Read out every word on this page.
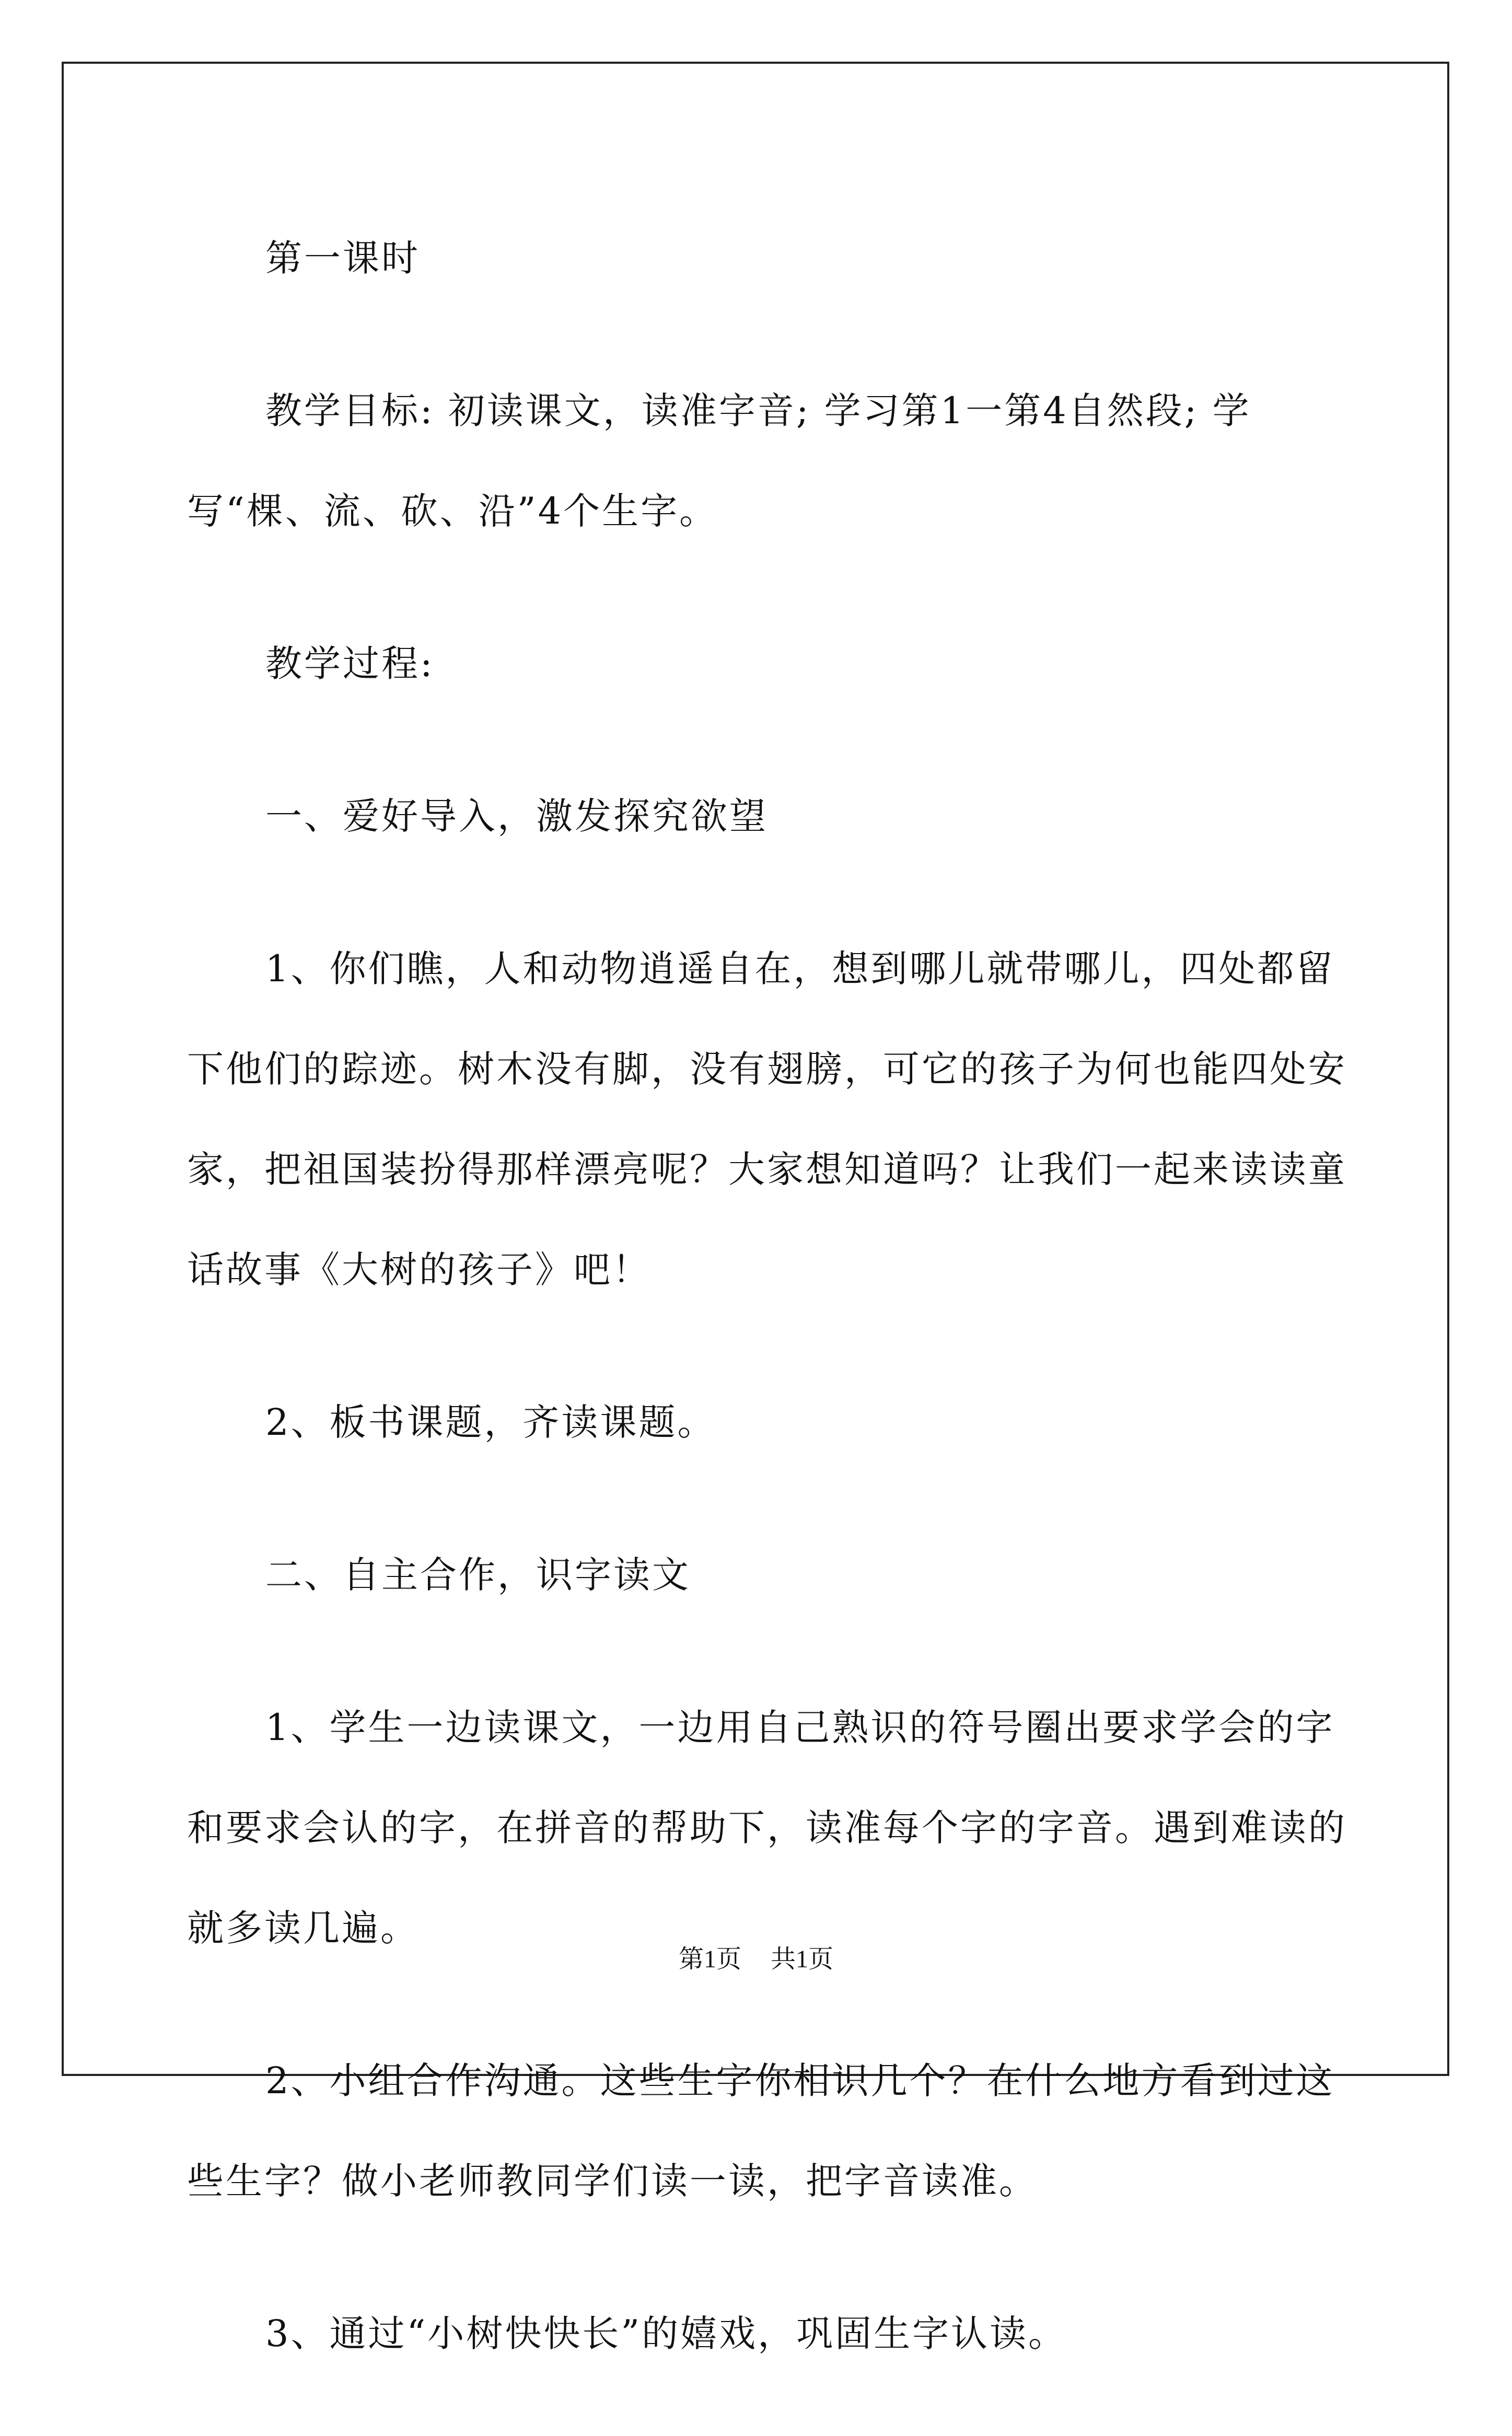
第一课时

教学目标: 初读课文，读准字音; 学习第1一第4自然段; 学写“棵、流、砍、沿”4个生字。

教学过程:

一、爱好导入，激发探究欲望

1、你们瞧，人和动物逍遥自在，想到哪儿就带哪儿，四处都留下他们的踪迹。树木没有脚，没有翅膀，可它的孩子为何也能四处安家，把祖国装扮得那样漂亮呢？大家想知道吗？让我们一起来读读童话故事《大树的孩子》吧！

2、板书课题，齐读课题。

二、自主合作，识字读文

1、学生一边读课文，一边用自己熟识的符号圈出要求学会的字和要求会认的字，在拼音的帮助下，读准每个字的字音。遇到难读的就多读几遍。

2、小组合作沟通。这些生字你相识几个？在什么地方看到过这些生字？做小老师教同学们读一读，把字音读准。

3、通过“小树快快长”的嬉戏，巩固生字认读。

第1页 共1页
